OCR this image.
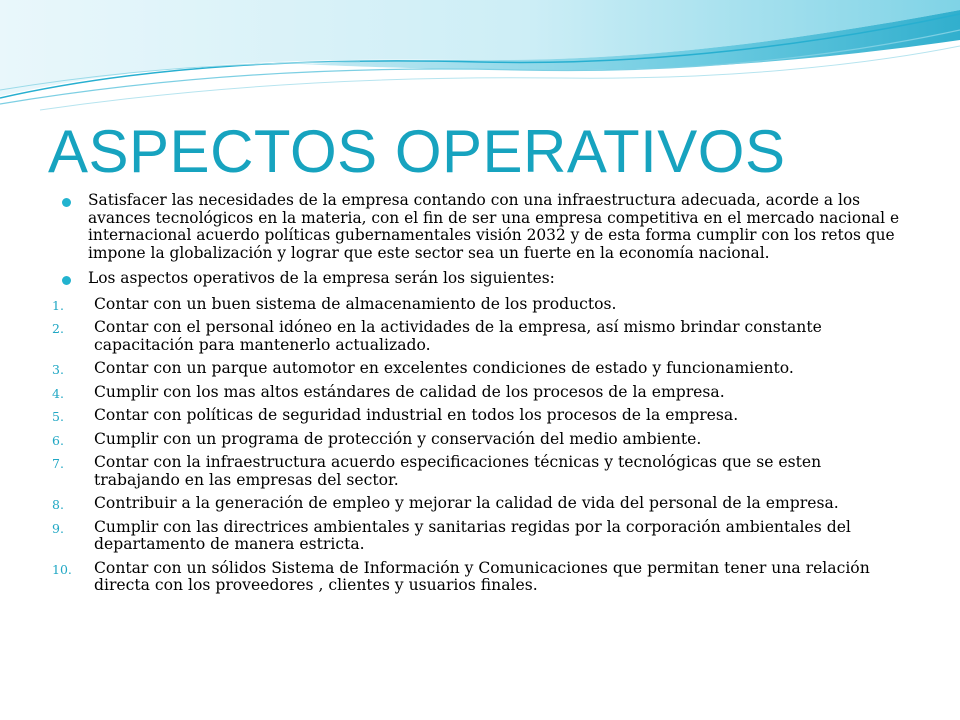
ASPECTOS OPERATIVOS
Satisfacer las necesidades de la empresa contando con una infraestructura adecuada, acorde a los avances tecnológicos en la materia, con el fin de ser una empresa competitiva en el mercado nacional e internacional acuerdo políticas gubernamentales visión 2032 y de esta forma cumplir con los retos que impone la globalización y lograr que este sector sea un fuerte en la economía nacional.
Los aspectos operativos de la empresa serán los siguientes:
1.	Contar con un buen sistema de almacenamiento de los productos.
2.	Contar con el personal idóneo en la actividades de la empresa, así mismo brindar constante capacitación para mantenerlo actualizado.
3.	Contar con un parque automotor en excelentes condiciones de estado y funcionamiento.
4.	Cumplir con los mas altos estándares de calidad de los procesos de la empresa.
5.	Contar con políticas de seguridad industrial en todos los procesos de la empresa.
6.	Cumplir con un programa de protección y conservación del medio ambiente.
7.	Contar con la infraestructura acuerdo especificaciones técnicas y tecnológicas que se esten trabajando en las empresas del sector.
8.	Contribuir a la generación de empleo y mejorar la calidad de vida del personal de la empresa.
9.	Cumplir con las directrices ambientales y sanitarias regidas por la corporación ambientales del departamento de manera estricta.
10.	Contar con un sólidos Sistema de Información y Comunicaciones que permitan tener una relación directa con los proveedores , clientes y usuarios finales.
